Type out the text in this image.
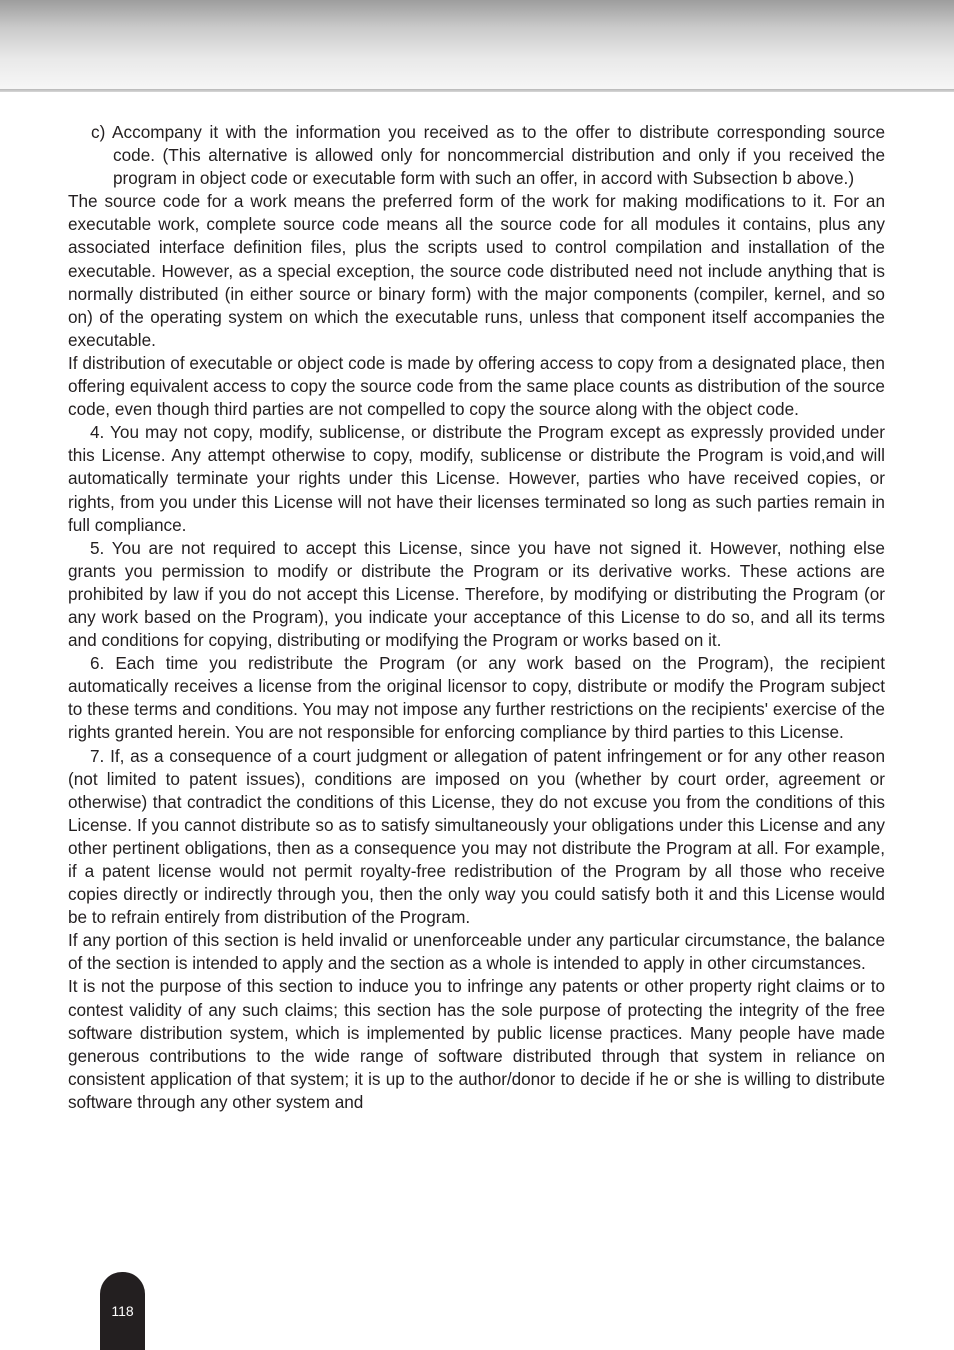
c) Accompany it with the information you received as to the offer to distribute corresponding source code. (This alternative is allowed only for noncommercial distribution and only if you received the program in object code or executable form with such an offer, in accord with Subsection b above.)

The source code for a work means the preferred form of the work for making modifications to it. For an executable work, complete source code means all the source code for all modules it contains, plus any associated interface definition files, plus the scripts used to control compilation and installation of the executable. However, as a special exception, the source code distributed need not include anything that is normally distributed (in either source or binary form) with the major components (compiler, kernel, and so on) of the operating system on which the executable runs, unless that component itself accompanies the executable.

If distribution of executable or object code is made by offering access to copy from a designated place, then offering equivalent access to copy the source code from the same place counts as distribution of the source code, even though third parties are not compelled to copy the source along with the object code.

4. You may not copy, modify, sublicense, or distribute the Program except as expressly provided under this License. Any attempt otherwise to copy, modify, sublicense or distribute the Program is void,and will automatically terminate your rights under this License. However, parties who have received copies, or rights, from you under this License will not have their licenses terminated so long as such parties remain in full compliance.

5. You are not required to accept this License, since you have not signed it. However, nothing else grants you permission to modify or distribute the Program or its derivative works. These actions are prohibited by law if you do not accept this License. Therefore, by modifying or distributing the Program (or any work based on the Program), you indicate your acceptance of this License to do so, and all its terms and conditions for copying, distributing or modifying the Program or works based on it.

6. Each time you redistribute the Program (or any work based on the Program), the recipient automatically receives a license from the original licensor to copy, distribute or modify the Program subject to these terms and conditions. You may not impose any further restrictions on the recipients' exercise of the rights granted herein. You are not responsible for enforcing compliance by third parties to this License.

7. If, as a consequence of a court judgment or allegation of patent infringement or for any other reason (not limited to patent issues), conditions are imposed on you (whether by court order, agreement or otherwise) that contradict the conditions of this License, they do not excuse you from the conditions of this License. If you cannot distribute so as to satisfy simultaneously your obligations under this License and any other pertinent obligations, then as a consequence you may not distribute the Program at all. For example, if a patent license would not permit royalty-free redistribution of the Program by all those who receive copies directly or indirectly through you, then the only way you could satisfy both it and this License would be to refrain entirely from distribution of the Program.

If any portion of this section is held invalid or unenforceable under any particular circumstance, the balance of the section is intended to apply and the section as a whole is intended to apply in other circumstances.

It is not the purpose of this section to induce you to infringe any patents or other property right claims or to contest validity of any such claims; this section has the sole purpose of protecting the integrity of the free software distribution system, which is implemented by public license practices. Many people have made generous contributions to the wide range of software distributed through that system in reliance on consistent application of that system; it is up to the author/donor to decide if he or she is willing to distribute software through any other system and

118
